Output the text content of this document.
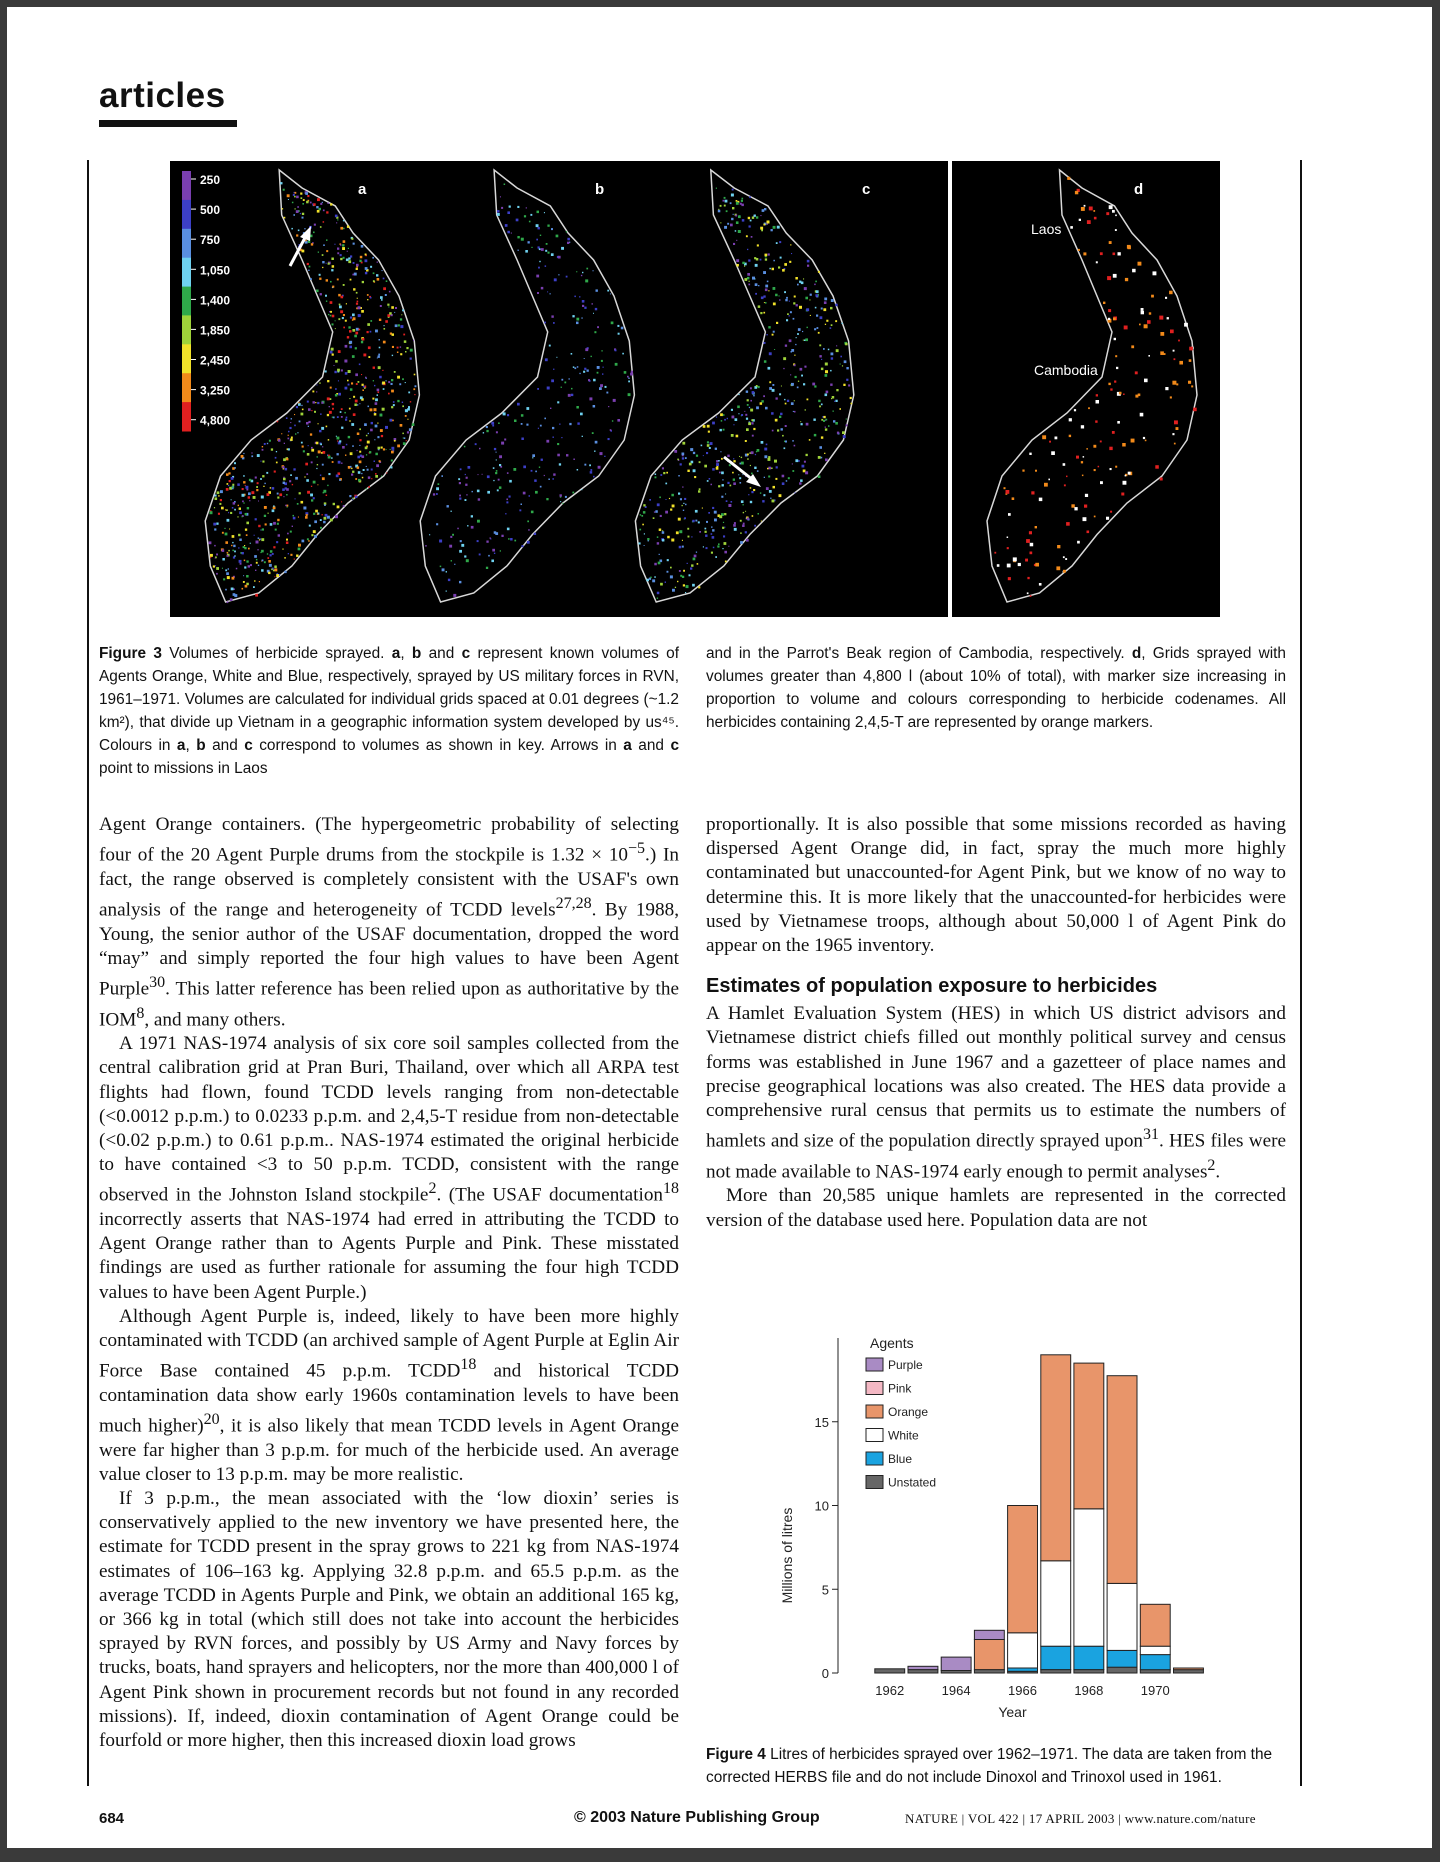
articles
250
500
750
1,050
1,400
1,850
2,450
3,250
4,800
a	b	c	d
Laos
Cambodia
Figure 3 Volumes of herbicide sprayed. a, b and c represent known volumes of Agents Orange, White and Blue, respectively, sprayed by US military forces in RVN, 1961–1971. Volumes are calculated for individual grids spaced at 0.01 degrees (~1.2 km²), that divide up Vietnam in a geographic information system developed by us⁴⁵. Colours in a, b and c correspond to volumes as shown in key. Arrows in a and c point to missions in Laos
and in the Parrot's Beak region of Cambodia, respectively. d, Grids sprayed with volumes greater than 4,800 l (about 10% of total), with marker size increasing in proportion to volume and colours corresponding to herbicide codenames. All herbicides containing 2,4,5-T are represented by orange markers.

Agent Orange containers. (The hypergeometric probability of selecting four of the 20 Agent Purple drums from the stockpile is $1.32 \times 10^{-5}$.) In fact, the range observed is completely consistent with the USAF's own analysis of the range and heterogeneity of TCDD levels$^{27,28}$. By 1988, Young, the senior author of the USAF documentation, dropped the word “may” and simply reported the four high values to have been Agent Purple$^{30}$. This latter reference has been relied upon as authoritative by the IOM$^8$, and many others.

A 1971 NAS-1974 analysis of six core soil samples collected from the central calibration grid at Pran Buri, Thailand, over which all ARPA test flights had flown, found TCDD levels ranging from non-detectable (<0.0012 p.p.m.) to 0.0233 p.p.m. and 2,4,5-T residue from non-detectable (<0.02 p.p.m.) to 0.61 p.p.m.. NAS-1974 estimated the original herbicide to have contained <3 to 50 p.p.m. TCDD, consistent with the range observed in the Johnston Island stockpile$^2$. (The USAF documentation$^{18}$ incorrectly asserts that NAS-1974 had erred in attributing the TCDD to Agent Orange rather than to Agents Purple and Pink. These misstated findings are used as further rationale for assuming the four high TCDD values to have been Agent Purple.)

Although Agent Purple is, indeed, likely to have been more highly contaminated with TCDD (an archived sample of Agent Purple at Eglin Air Force Base contained 45 p.p.m. TCDD$^{18}$ and historical TCDD contamination data show early 1960s contamination levels to have been much higher)$^{20}$, it is also likely that mean TCDD levels in Agent Orange were far higher than 3 p.p.m. for much of the herbicide used. An average value closer to 13 p.p.m. may be more realistic.

If 3 p.p.m., the mean associated with the ‘low dioxin’ series is conservatively applied to the new inventory we have presented here, the estimate for TCDD present in the spray grows to 221 kg from NAS-1974 estimates of 106–163 kg. Applying 32.8 p.p.m. and 65.5 p.p.m. as the average TCDD in Agents Purple and Pink, we obtain an additional 165 kg, or 366 kg in total (which still does not take into account the herbicides sprayed by RVN forces, and possibly by US Army and Navy forces by trucks, boats, hand sprayers and helicopters, nor the more than 400,000 l of Agent Pink shown in procurement records but not found in any recorded missions). If, indeed, dioxin contamination of Agent Orange could be fourfold or more higher, then this increased dioxin load grows

proportionally. It is also possible that some missions recorded as having dispersed Agent Orange did, in fact, spray the much more highly contaminated but unaccounted-for Agent Pink, but we know of no way to determine this. It is more likely that the unaccounted-for herbicides were used by Vietnamese troops, although about 50,000 l of Agent Pink do appear on the 1965 inventory.

Estimates of population exposure to herbicides

A Hamlet Evaluation System (HES) in which US district advisors and Vietnamese district chiefs filled out monthly political survey and census forms was established in June 1967 and a gazetteer of place names and precise geographical locations was also created. The HES data provide a comprehensive rural census that permits us to estimate the numbers of hamlets and size of the population directly sprayed upon$^{31}$. HES files were not made available to NAS-1974 early enough to permit analyses$^2$.

More than 20,585 unique hamlets are represented in the corrected version of the database used here. Population data are not

0
5
10
15
1962	1964	1966	1968	1970
Year
Millions of litres
Agents
Purple
Pink
Orange
White
Blue
Unstated
Figure 4 Litres of herbicides sprayed over 1962–1971. The data are taken from the corrected HERBS file and do not include Dinoxol and Trinoxol used in 1961.
684	© 2003 Nature Publishing Group	NATURE | VOL 422 | 17 APRIL 2003 | www.nature.com/nature
